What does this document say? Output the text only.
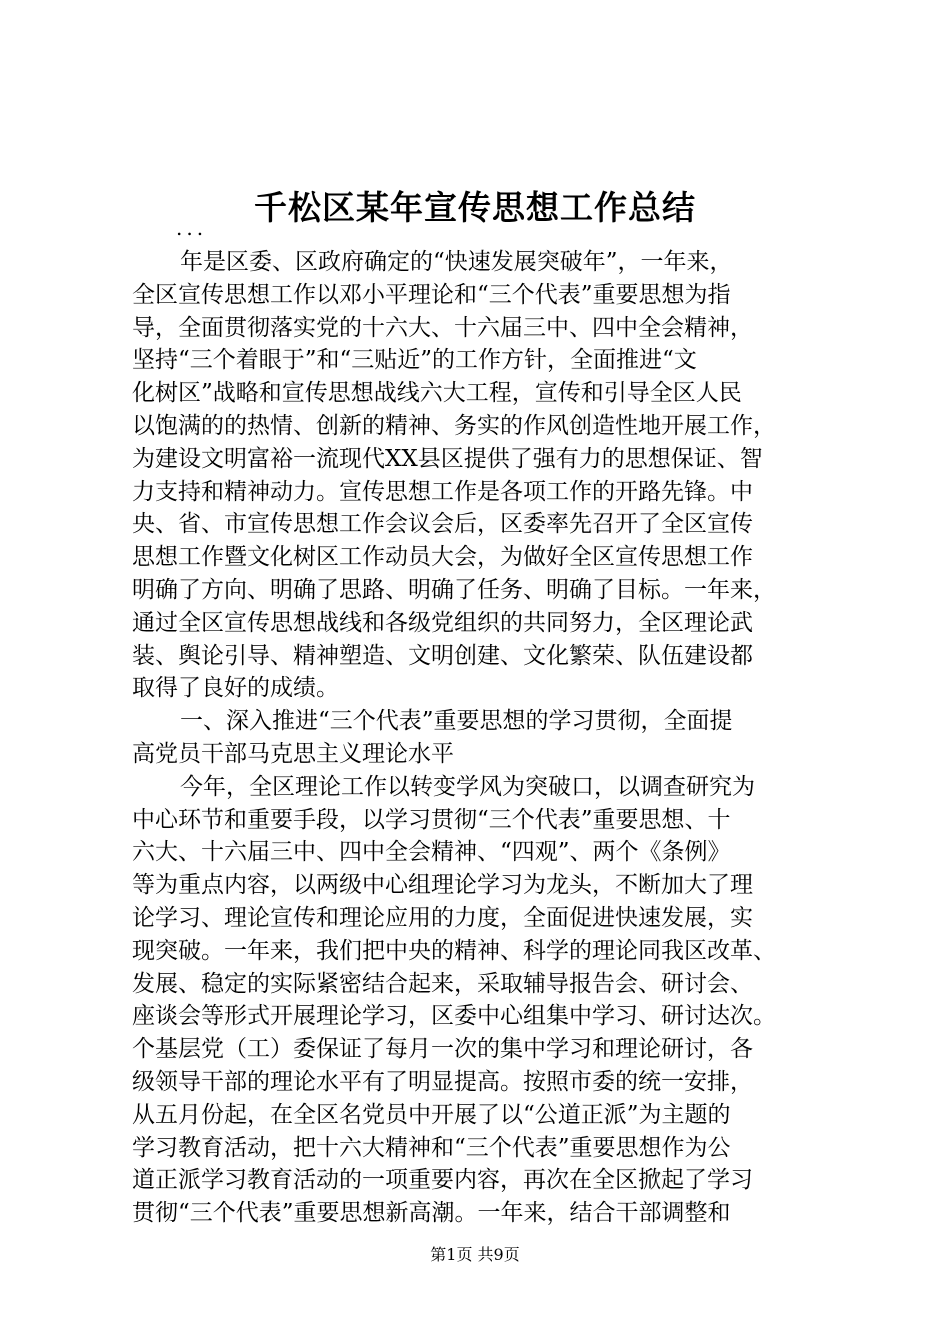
千松区某年宣传思想工作总结
...
年是区委、区政府确定的“快速发展突破年”，一年来，
全区宣传思想工作以邓小平理论和“三个代表”重要思想为指
导，全面贯彻落实党的十六大、十六届三中、四中全会精神，
坚持“三个着眼于”和“三贴近”的工作方针，全面推进“文
化树区”战略和宣传思想战线六大工程，宣传和引导全区人民
以饱满的的热情、创新的精神、务实的作风创造性地开展工作，
为建设文明富裕一流现代XX县区提供了强有力的思想保证、智
力支持和精神动力。宣传思想工作是各项工作的开路先锋。中
央、省、市宣传思想工作会议会后，区委率先召开了全区宣传
思想工作暨文化树区工作动员大会，为做好全区宣传思想工作
明确了方向、明确了思路、明确了任务、明确了目标。一年来，
通过全区宣传思想战线和各级党组织的共同努力，全区理论武
装、舆论引导、精神塑造、文明创建、文化繁荣、队伍建设都
取得了良好的成绩。
一、深入推进“三个代表”重要思想的学习贯彻，全面提
高党员干部马克思主义理论水平
今年，全区理论工作以转变学风为突破口，以调查研究为
中心环节和重要手段，以学习贯彻“三个代表”重要思想、十
六大、十六届三中、四中全会精神、“四观”、两个《条例》
等为重点内容，以两级中心组理论学习为龙头，不断加大了理
论学习、理论宣传和理论应用的力度，全面促进快速发展，实
现突破。一年来，我们把中央的精神、科学的理论同我区改革、
发展、稳定的实际紧密结合起来，采取辅导报告会、研讨会、
座谈会等形式开展理论学习，区委中心组集中学习、研讨达次。
个基层党（工）委保证了每月一次的集中学习和理论研讨，各
级领导干部的理论水平有了明显提高。按照市委的统一安排，
从五月份起，在全区名党员中开展了以“公道正派”为主题的
学习教育活动，把十六大精神和“三个代表”重要思想作为公
道正派学习教育活动的一项重要内容，再次在全区掀起了学习
贯彻“三个代表”重要思想新高潮。一年来，结合干部调整和
第1页 共9页
